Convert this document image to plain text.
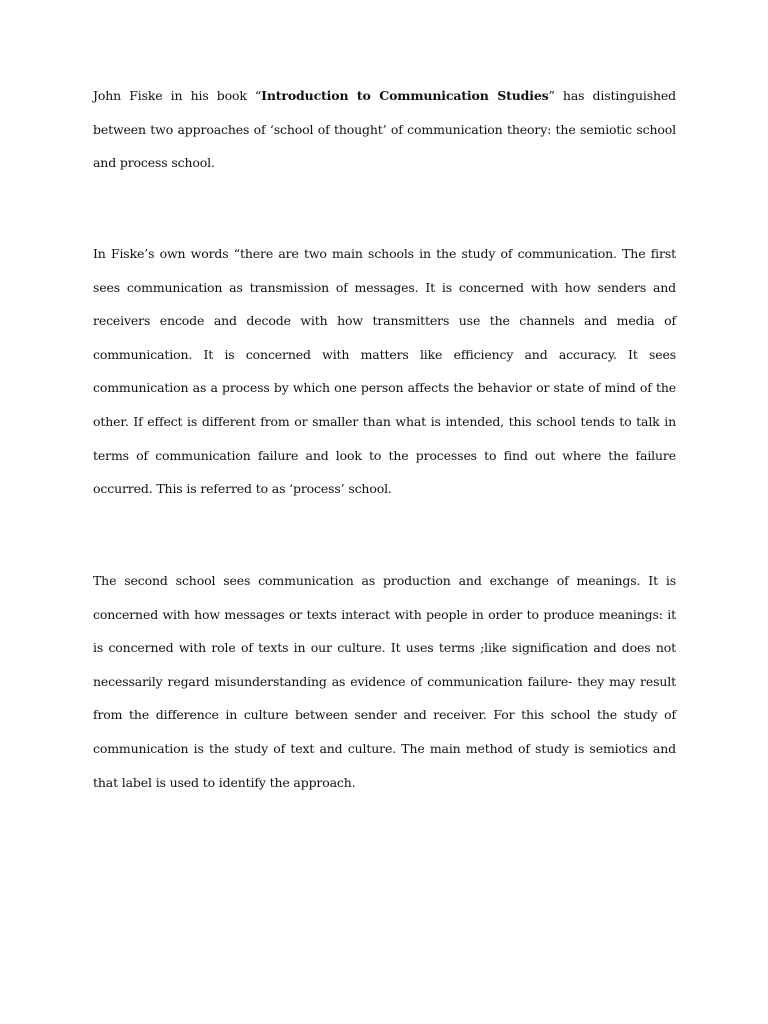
John Fiske in his book “Introduction to Communication Studies” has distinguished between two approaches of ‘school of thought’ of communication theory: the semiotic school and process school.

In Fiske’s own words “there are two main schools in the study of communication. The first sees communication as transmission of messages. It is concerned with how senders and receivers encode and decode with how transmitters use the channels and media of communication. It is concerned with matters like efficiency and accuracy. It sees communication as a process by which one person affects the behavior or state of mind of the other. If effect is different from or smaller than what is intended, this school tends to talk in terms of communication failure and look to the processes to find out where the failure occurred. This is referred to as ‘process’ school.

The second school sees communication as production and exchange of meanings. It is concerned with how messages or texts interact with people in order to produce meanings: it is concerned with role of texts in our culture. It uses terms ;like signification and does not necessarily regard misunderstanding as evidence of communication failure- they may result from the difference in culture between sender and receiver. For this school the study of communication is the study of text and culture. The main method of study is semiotics and that label is used to identify the approach.
